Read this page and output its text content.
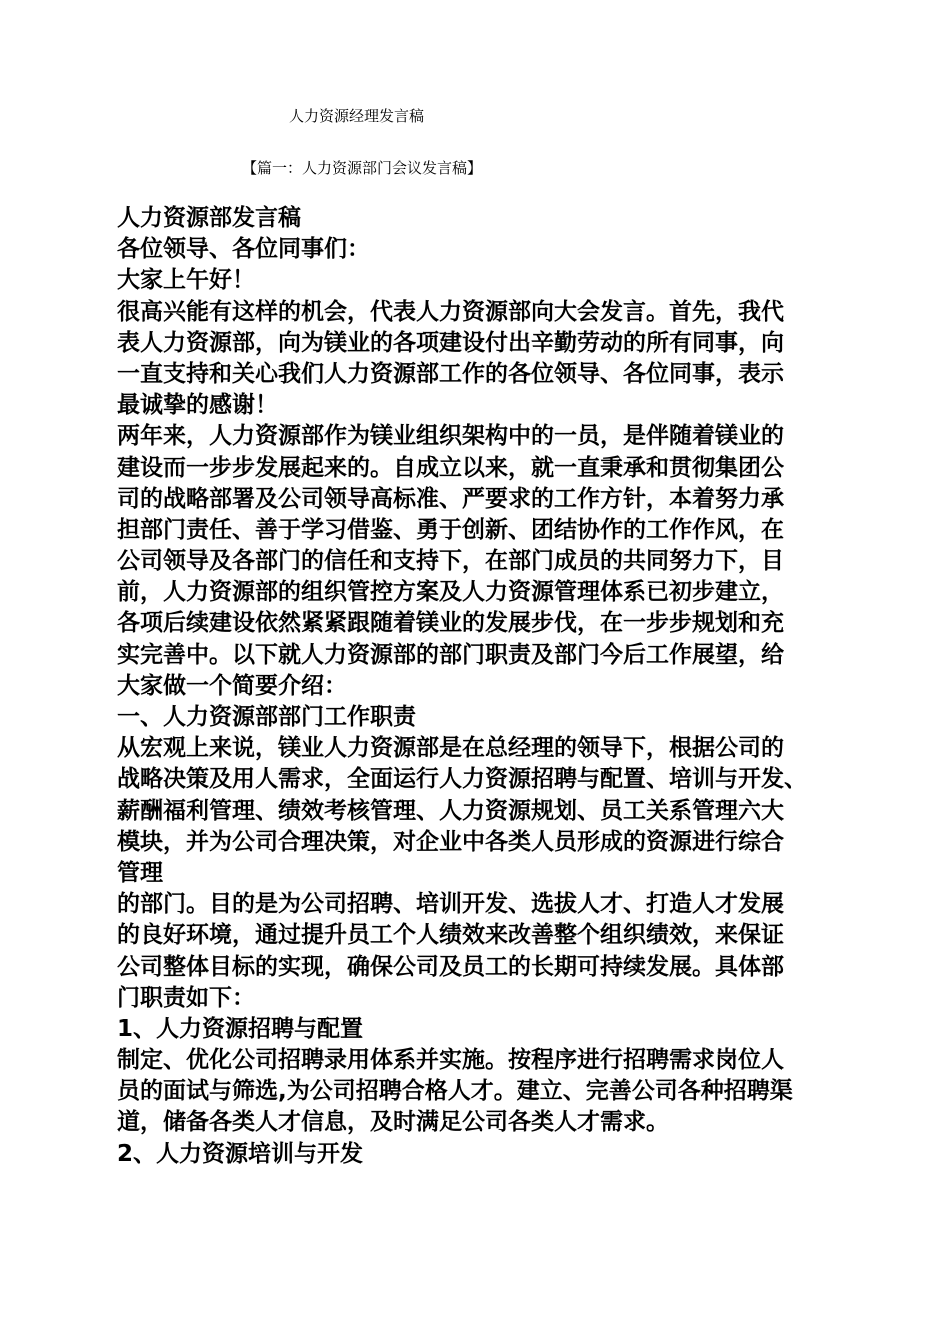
人力资源经理发言稿
【篇一：人力资源部门会议发言稿】
人力资源部发言稿
各位领导、各位同事们：
大家上午好！
很高兴能有这样的机会，代表人力资源部向大会发言。首先，我代
表人力资源部，向为镁业的各项建设付出辛勤劳动的所有同事，向
一直支持和关心我们人力资源部工作的各位领导、各位同事，表示
最诚挚的感谢！
两年来，人力资源部作为镁业组织架构中的一员，是伴随着镁业的
建设而一步步发展起来的。自成立以来，就一直秉承和贯彻集团公
司的战略部署及公司领导高标准、严要求的工作方针，本着努力承
担部门责任、善于学习借鉴、勇于创新、团结协作的工作作风，在
公司领导及各部门的信任和支持下，在部门成员的共同努力下，目
前，人力资源部的组织管控方案及人力资源管理体系已初步建立，
各项后续建设依然紧紧跟随着镁业的发展步伐，在一步步规划和充
实完善中。以下就人力资源部的部门职责及部门今后工作展望，给
大家做一个简要介绍：
一、人力资源部部门工作职责
从宏观上来说，镁业人力资源部是在总经理的领导下，根据公司的
战略决策及用人需求，全面运行人力资源招聘与配置、培训与开发、
薪酬福利管理、绩效考核管理、人力资源规划、员工关系管理六大
模块，并为公司合理决策，对企业中各类人员形成的资源进行综合
管理
的部门。目的是为公司招聘、培训开发、选拔人才、打造人才发展
的良好环境，通过提升员工个人绩效来改善整个组织绩效，来保证
公司整体目标的实现，确保公司及员工的长期可持续发展。具体部
门职责如下：
1、人力资源招聘与配置
制定、优化公司招聘录用体系并实施。按程序进行招聘需求岗位人
员的面试与筛选,为公司招聘合格人才。建立、完善公司各种招聘渠
道，储备各类人才信息，及时满足公司各类人才需求。
2、人力资源培训与开发
